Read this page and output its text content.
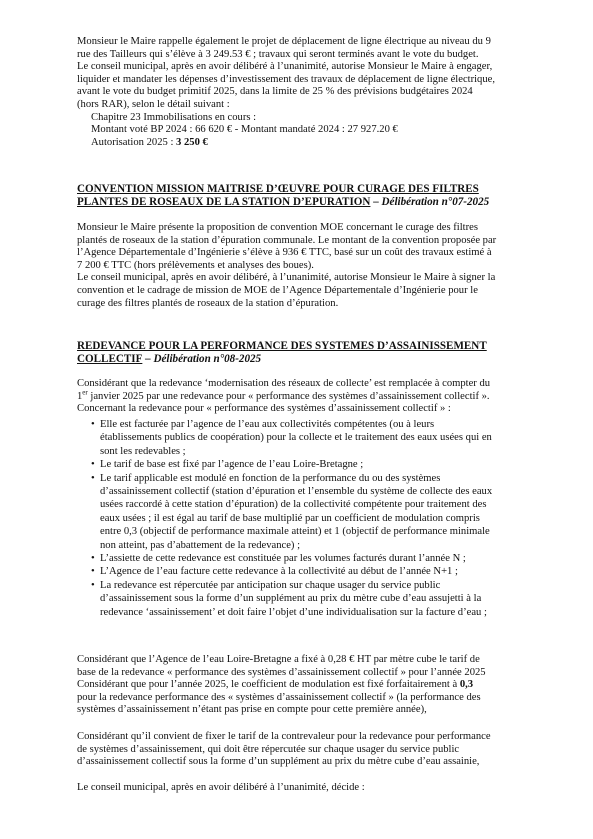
Monsieur le Maire rappelle également le projet de déplacement de ligne électrique au niveau du 9
rue des Tailleurs qui s’élève à 3 249.53 € ; travaux qui seront terminés avant le vote du budget.
Le conseil municipal, après en avoir délibéré à l’unanimité, autorise Monsieur le Maire à engager,
liquider et mandater les dépenses d’investissement des travaux de déplacement de ligne électrique,
avant le vote du budget primitif 2025, dans la limite de 25 % des prévisions budgétaires 2024
(hors RAR), selon le détail suivant :
Chapitre 23 Immobilisations en cours :
Montant voté BP 2024 : 66 620 € - Montant mandaté 2024 : 27 927.20 €
Autorisation 2025 : 3 250 €
CONVENTION MISSION MAITRISE D’ŒUVRE POUR CURAGE DES FILTRES
PLANTES DE ROSEAUX DE LA STATION D’EPURATION – Délibération n°07-2025
Monsieur le Maire présente la proposition de convention MOE concernant le curage des filtres
plantés de roseaux de la station d’épuration communale. Le montant de la convention proposée par
l’Agence Départementale d’Ingénierie s’élève à 936 € TTC, basé sur un coût des travaux estimé à
7 200 € TTC (hors prélèvements et analyses des boues).
Le conseil municipal, après en avoir délibéré, à l’unanimité, autorise Monsieur le Maire à signer la
convention et le cadrage de mission de MOE de l’Agence Départementale d’Ingénierie pour le
curage des filtres plantés de roseaux de la station d’épuration.
REDEVANCE POUR LA PERFORMANCE DES SYSTEMES D’ASSAINISSEMENT
COLLECTIF – Délibération n°08-2025
Considérant que la redevance ‘modernisation des réseaux de collecte’ est remplacée à compter du
1er janvier 2025 par une redevance pour « performance des systèmes d’assainissement collectif ».
Concernant la redevance pour « performance des systèmes d’assainissement collectif » :
• Elle est facturée par l’agence de l’eau aux collectivités compétentes (ou à leurs
établissements publics de coopération) pour la collecte et le traitement des eaux usées qui en
sont les redevables ;
• Le tarif de base est fixé par l’agence de l’eau Loire-Bretagne ;
• Le tarif applicable est modulé en fonction de la performance du ou des systèmes
d’assainissement collectif (station d’épuration et l’ensemble du système de collecte des eaux
usées raccordé à cette station d’épuration) de la collectivité compétente pour traitement des
eaux usées ; il est égal au tarif de base multiplié par un coefficient de modulation compris
entre 0,3 (objectif de performance maximale atteint) et 1 (objectif de performance minimale
non atteint, pas d’abattement de la redevance) ;
• L’assiette de cette redevance est constituée par les volumes facturés durant l’année N ;
• L’Agence de l’eau facture cette redevance à la collectivité au début de l’année N+1 ;
• La redevance est répercutée par anticipation sur chaque usager du service public
d’assainissement sous la forme d’un supplément au prix du mètre cube d’eau assujetti à la
redevance ‘assainissement’ et doit faire l’objet d’une individualisation sur la facture d’eau ;
Considérant que l’Agence de l’eau Loire-Bretagne a fixé à 0,28 € HT par mètre cube le tarif de
base de la redevance « performance des systèmes d’assainissement collectif » pour l’année 2025
Considérant que pour l’année 2025, le coefficient de modulation est fixé forfaitairement à 0,3
pour la redevance performance des « systèmes d’assainissement collectif » (la performance des
systèmes d’assainissement n’étant pas prise en compte pour cette première année),
Considérant qu’il convient de fixer le tarif de la contrevaleur pour la redevance pour performance
de systèmes d’assainissement, qui doit être répercutée sur chaque usager du service public
d’assainissement collectif sous la forme d’un supplément au prix du mètre cube d’eau assainie,
Le conseil municipal, après en avoir délibéré à l’unanimité, décide :
